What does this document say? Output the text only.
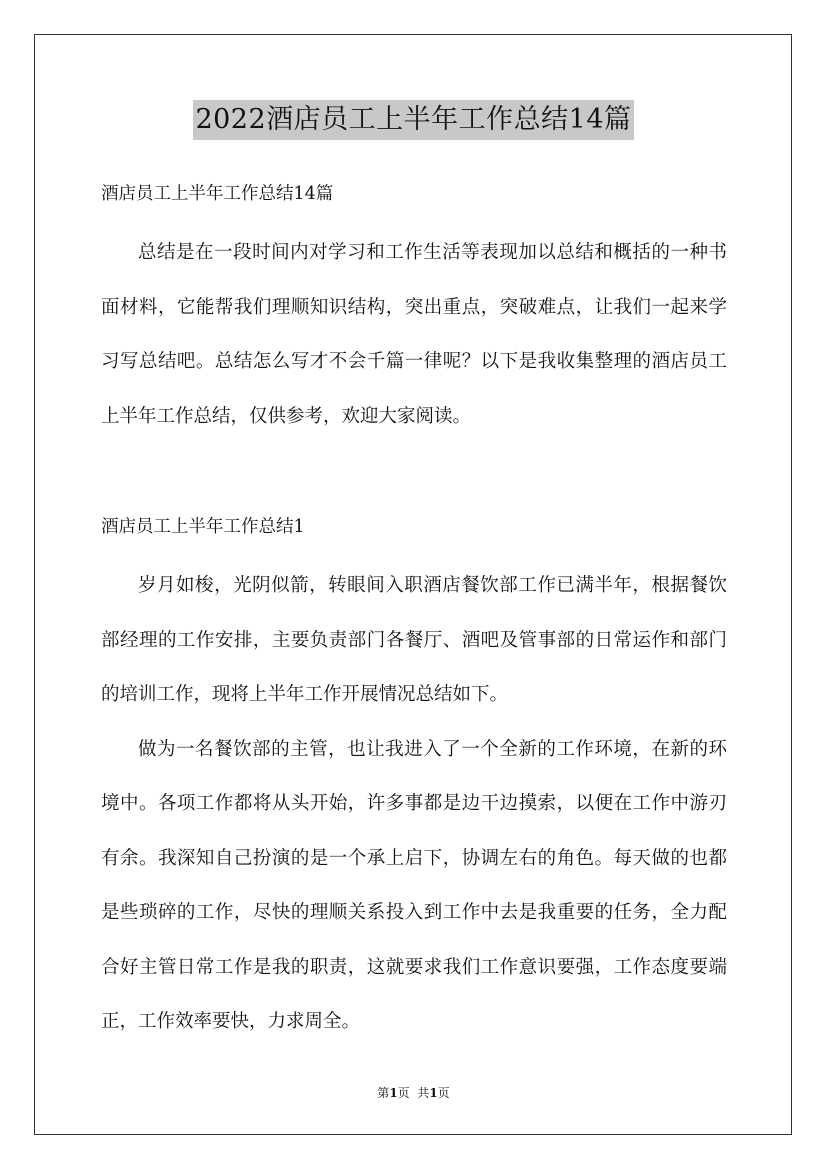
2022酒店员工上半年工作总结14篇

酒店员工上半年工作总结14篇

总结是在一段时间内对学习和工作生活等表现加以总结和概括的一种书面材料，它能帮我们理顺知识结构，突出重点，突破难点，让我们一起来学习写总结吧。总结怎么写才不会千篇一律呢？以下是我收集整理的酒店员工上半年工作总结，仅供参考，欢迎大家阅读。

酒店员工上半年工作总结1

岁月如梭，光阴似箭，转眼间入职酒店餐饮部工作已满半年，根据餐饮部经理的工作安排，主要负责部门各餐厅、酒吧及管事部的日常运作和部门的培训工作，现将上半年工作开展情况总结如下。

做为一名餐饮部的主管，也让我进入了一个全新的工作环境，在新的环境中。各项工作都将从头开始，许多事都是边干边摸索，以便在工作中游刃有余。我深知自己扮演的是一个承上启下，协调左右的角色。每天做的也都是些琐碎的工作，尽快的理顺关系投入到工作中去是我重要的任务，全力配合好主管日常工作是我的职责，这就要求我们工作意识要强，工作态度要端正，工作效率要快，力求周全。

第1页  共1页
